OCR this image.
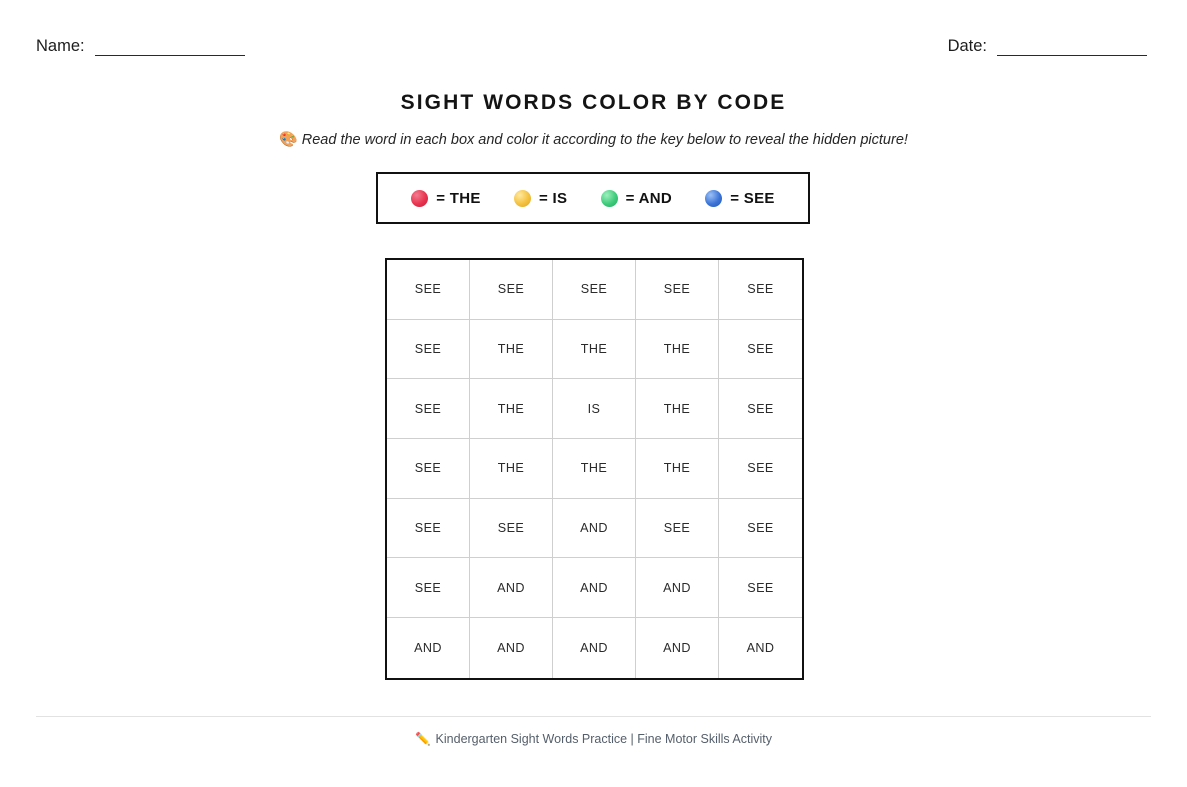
Name:	Date:
SIGHT WORDS COLOR BY CODE
🎨 Read the word in each box and color it according to the key below to reveal the hidden picture!
= THE	= IS	= AND	= SEE
SEE	SEE	SEE	SEE	SEE
SEE	THE	THE	THE	SEE
SEE	THE	IS	THE	SEE
SEE	THE	THE	THE	SEE
SEE	SEE	AND	SEE	SEE
SEE	AND	AND	AND	SEE
AND	AND	AND	AND	AND
✏️ Kindergarten Sight Words Practice | Fine Motor Skills Activity
